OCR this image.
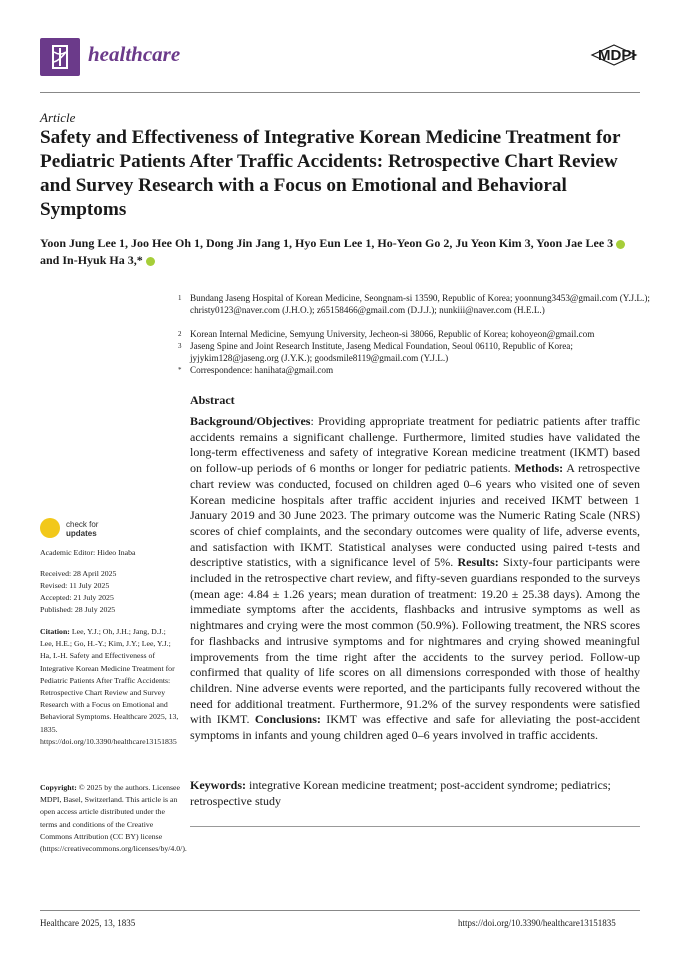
healthcare	MDPI
Article
Safety and Effectiveness of Integrative Korean Medicine Treatment for Pediatric Patients After Traffic Accidents: Retrospective Chart Review and Survey Research with a Focus on Emotional and Behavioral Symptoms
Yoon Jung Lee 1, Joo Hee Oh 1, Dong Jin Jang 1, Hyo Eun Lee 1, Ho-Yeon Go 2, Ju Yeon Kim 3, Yoon Jae Lee 3
and In-Hyuk Ha 3,*
1 Bundang Jaseng Hospital of Korean Medicine, Seongnam-si 13590, Republic of Korea; yoonnung3453@gmail.com (Y.J.L.); christy0123@naver.com (J.H.O.); z65158466@gmail.com (D.J.J.); nunkiii@naver.com (H.E.L.)
2 Korean Internal Medicine, Semyung University, Jecheon-si 38066, Republic of Korea; kohoyeon@gmail.com
3 Jaseng Spine and Joint Research Institute, Jaseng Medical Foundation, Seoul 06110, Republic of Korea; jyjykim128@jaseng.org (J.Y.K.); goodsmile8119@gmail.com (Y.J.L.)
* Correspondence: hanihata@gmail.com
Abstract
Background/Objectives: Providing appropriate treatment for pediatric patients after traffic accidents remains a significant challenge. Furthermore, limited studies have validated the long-term effectiveness and safety of integrative Korean medicine treatment (IKMT) based on follow-up periods of 6 months or longer for pediatric patients. Methods: A retrospective chart review was conducted, focused on children aged 0–6 years who visited one of seven Korean medicine hospitals after traffic accident injuries and received IKMT between 1 January 2019 and 30 June 2023. The primary outcome was the Numeric Rating Scale (NRS) scores of chief complaints, and the secondary outcomes were quality of life, adverse events, and satisfaction with IKMT. Statistical analyses were conducted using paired t-tests and descriptive statistics, with a significance level of 5%. Results: Sixty-four participants were included in the retrospective chart review, and fifty-seven guardians responded to the surveys (mean age: 4.84 ± 1.26 years; mean duration of treatment: 19.20 ± 25.38 days). Among the immediate symptoms after the accidents, flashbacks and intrusive symptoms as well as nightmares and crying were the most common (50.9%). Following treatment, the NRS scores for flashbacks and intrusive symptoms and for nightmares and crying showed meaningful improvements from the time right after the accidents to the survey period. Follow-up confirmed that quality of life scores on all dimensions corresponded with those of healthy children. Nine adverse events were reported, and the participants fully recovered without the need for additional treatment. Furthermore, 91.2% of the survey respondents were satisfied with IKMT. Conclusions: IKMT was effective and safe for alleviating the post-accident symptoms in infants and young children aged 0–6 years involved in traffic accidents.
Keywords: integrative Korean medicine treatment; post-accident syndrome; pediatrics; retrospective study
check for
updates
Academic Editor: Hideo Inaba
Received: 28 April 2025
Revised: 11 July 2025
Accepted: 21 July 2025
Published: 28 July 2025
Citation: Lee, Y.J.; Oh, J.H.; Jang, D.J.; Lee, H.E.; Go, H.-Y.; Kim, J.Y.; Lee, Y.J.; Ha, I.-H. Safety and Effectiveness of Integrative Korean Medicine Treatment for Pediatric Patients After Traffic Accidents: Retrospective Chart Review and Survey Research with a Focus on Emotional and Behavioral Symptoms. Healthcare 2025, 13, 1835. https://doi.org/10.3390/healthcare13151835
Copyright: © 2025 by the authors. Licensee MDPI, Basel, Switzerland. This article is an open access article distributed under the terms and conditions of the Creative Commons Attribution (CC BY) license (https://creativecommons.org/licenses/by/4.0/).
Healthcare 2025, 13, 1835	https://doi.org/10.3390/healthcare13151835
